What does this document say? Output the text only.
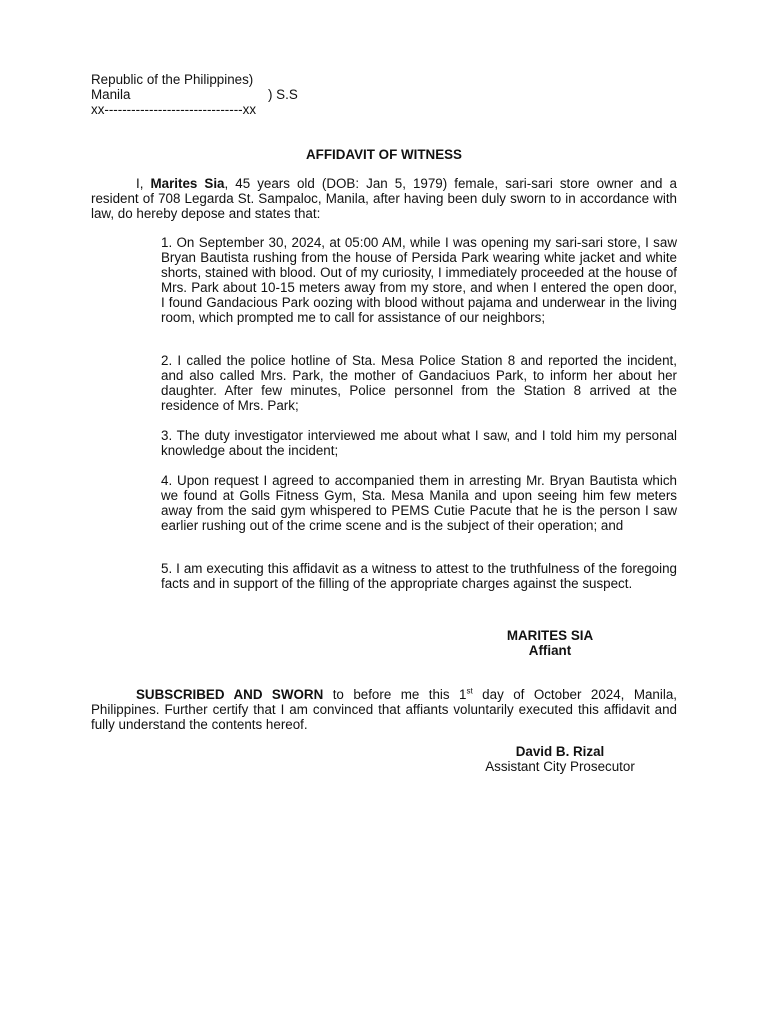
Republic of the Philippines)
Manila	) S.S
xx-------------------------------xx
AFFIDAVIT OF WITNESS

I, Marites Sia, 45 years old (DOB: Jan 5, 1979) female, sari-sari store owner and a resident of 708 Legarda St. Sampaloc, Manila, after having been duly sworn to in accordance with law, do hereby depose and states that:

1. On September 30, 2024, at 05:00 AM, while I was opening my sari-sari store, I saw Bryan Bautista rushing from the house of Persida Park wearing white jacket and white shorts, stained with blood. Out of my curiosity, I immediately proceeded at the house of Mrs. Park about 10-15 meters away from my store, and when I entered the open door, I found Gandacious Park oozing with blood without pajama and underwear in the living room, which prompted me to call for assistance of our neighbors;

2. I called the police hotline of Sta. Mesa Police Station 8 and reported the incident, and also called Mrs. Park, the mother of Gandaciuos Park, to inform her about her daughter. After few minutes, Police personnel from the Station 8 arrived at the residence of Mrs. Park;

3. The duty investigator interviewed me about what I saw, and I told him my personal knowledge about the incident;

4. Upon request I agreed to accompanied them in arresting Mr. Bryan Bautista which we found at Golls Fitness Gym, Sta. Mesa Manila and upon seeing him few meters away from the said gym whispered to PEMS Cutie Pacute that he is the person I saw earlier rushing out of the crime scene and is the subject of their operation; and

5. I am executing this affidavit as a witness to attest to the truthfulness of the foregoing facts and in support of the filling of the appropriate charges against the suspect.

MARITES SIA
Affiant

SUBSCRIBED AND SWORN to before me this 1st day of October 2024, Manila, Philippines. Further certify that I am convinced that affiants voluntarily executed this affidavit and fully understand the contents hereof.

David B. Rizal
Assistant City Prosecutor
